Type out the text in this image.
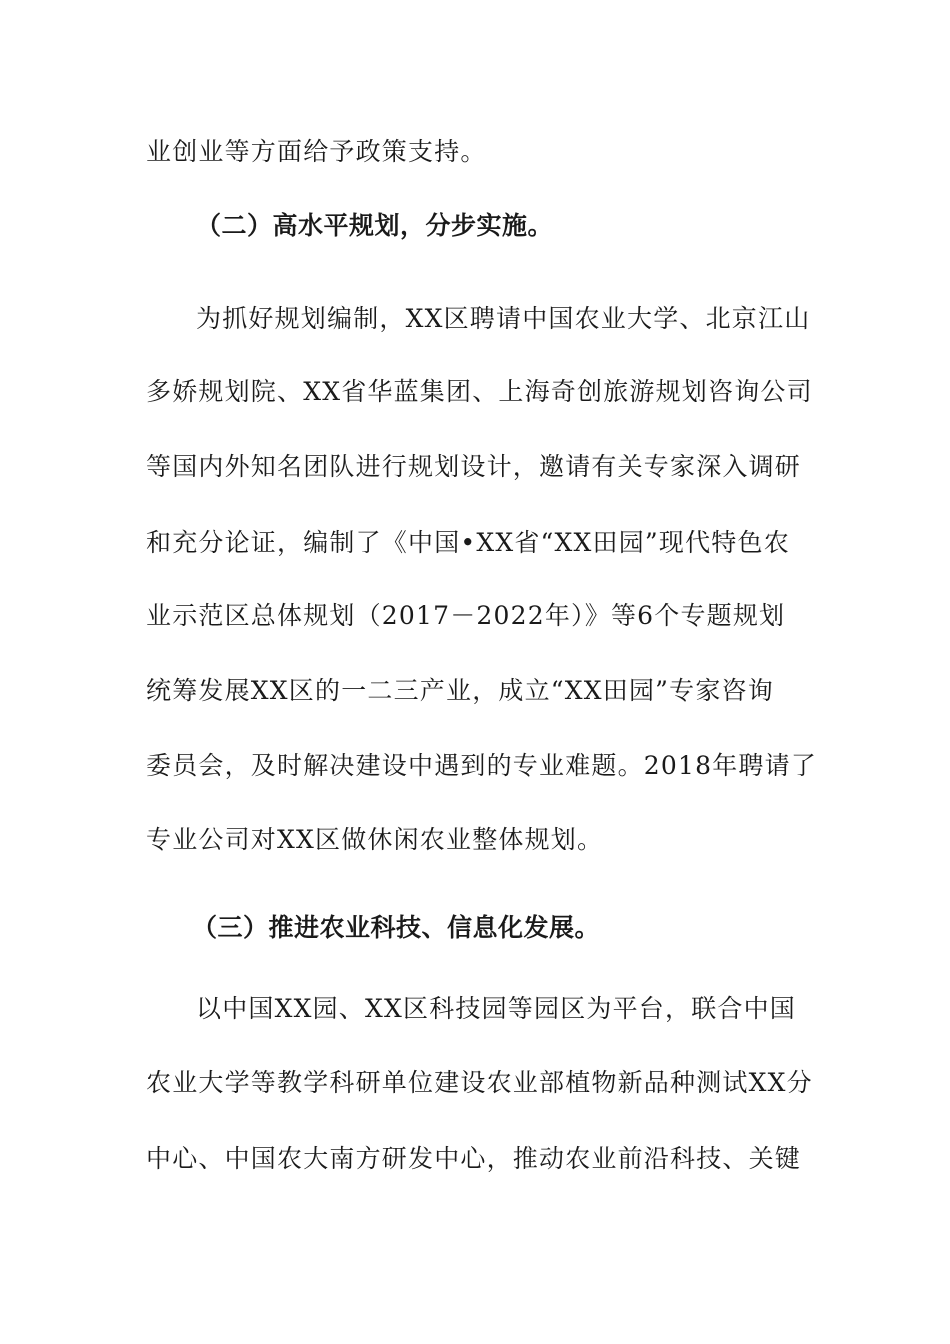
业创业等方面给予政策支持。
（二）高水平规划，分步实施。
为抓好规划编制，XX区聘请中国农业大学、北京江山
多娇规划院、XX省华蓝集团、上海奇创旅游规划咨询公司
等国内外知名团队进行规划设计，邀请有关专家深入调研
和充分论证，编制了《中国•XX省“XX田园”现代特色农
业示范区总体规划（2017－2022年）》等6个专题规划
统筹发展XX区的一二三产业，成立“XX田园”专家咨询
委员会，及时解决建设中遇到的专业难题。2018年聘请了
专业公司对XX区做休闲农业整体规划。
（三）推进农业科技、信息化发展。
以中国XX园、XX区科技园等园区为平台，联合中国
农业大学等教学科研单位建设农业部植物新品种测试XX分
中心、中国农大南方研发中心，推动农业前沿科技、关键
